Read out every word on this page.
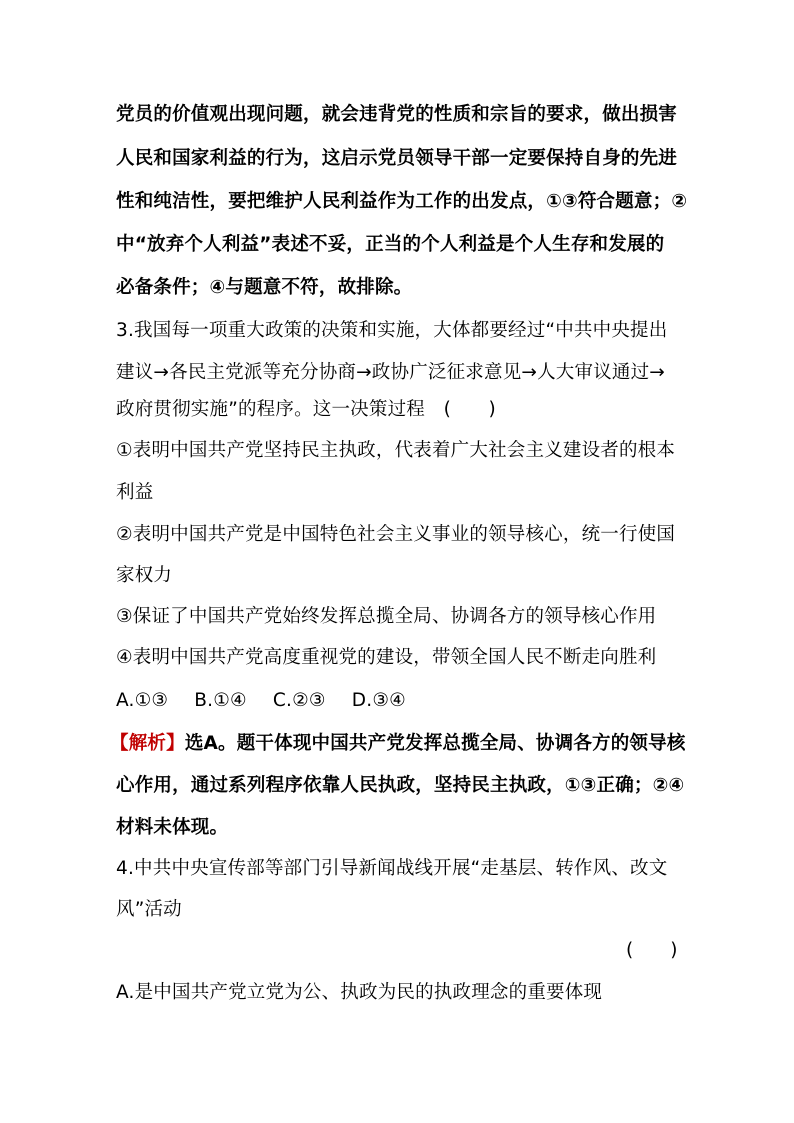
党员的价值观出现问题，就会违背党的性质和宗旨的要求，做出损害
人民和国家利益的行为，这启示党员领导干部一定要保持自身的先进
性和纯洁性，要把维护人民利益作为工作的出发点，①③符合题意；②
中“放弃个人利益”表述不妥，正当的个人利益是个人生存和发展的
必备条件；④与题意不符，故排除。
3.我国每一项重大政策的决策和实施，大体都要经过“中共中央提出
建议→各民主党派等充分协商→政协广泛征求意见→人大审议通过→
政府贯彻实施”的程序。这一决策过程　(　　)
①表明中国共产党坚持民主执政，代表着广大社会主义建设者的根本
利益
②表明中国共产党是中国特色社会主义事业的领导核心，统一行使国
家权力
③保证了中国共产党始终发挥总揽全局、协调各方的领导核心作用
④表明中国共产党高度重视党的建设，带领全国人民不断走向胜利
A.①③ B.①④ C.②③ D.③④
【解析】选A。题干体现中国共产党发挥总揽全局、协调各方的领导核
心作用，通过系列程序依靠人民执政，坚持民主执政，①③正确；②④
材料未体现。
4.中共中央宣传部等部门引导新闻战线开展“走基层、转作风、改文
风”活动
(　　)
A.是中国共产党立党为公、执政为民的执政理念的重要体现
